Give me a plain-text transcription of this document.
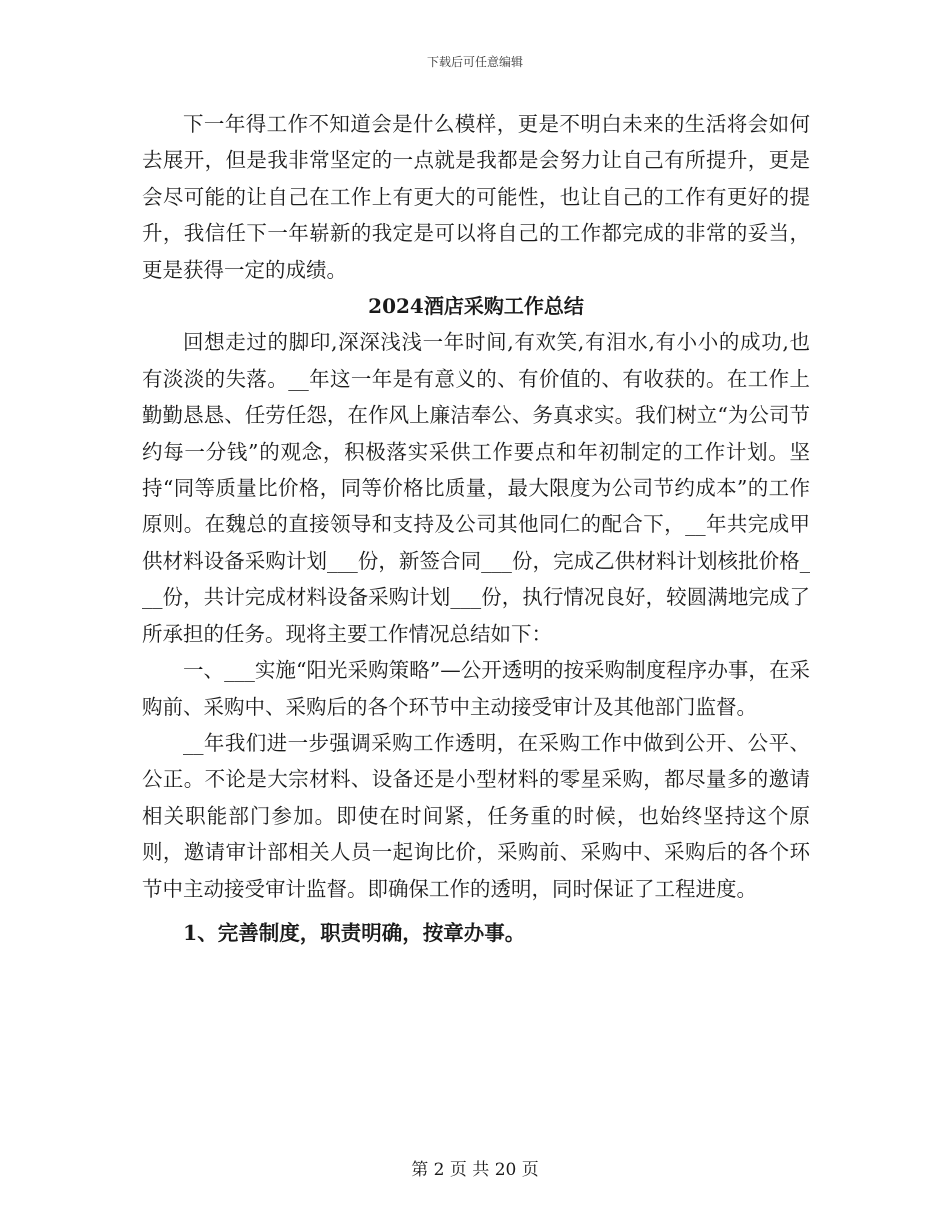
下载后可任意编辑

下一年得工作不知道会是什么模样，更是不明白未来的生活将会如何去展开，但是我非常坚定的一点就是我都是会努力让自己有所提升，更是会尽可能的让自己在工作上有更大的可能性，也让自己的工作有更好的提升，我信任下一年崭新的我定是可以将自己的工作都完成的非常的妥当，更是获得一定的成绩。

2024酒店采购工作总结

回想走过的脚印,深深浅浅一年时间,有欢笑,有泪水,有小小的成功,也有淡淡的失落。__年这一年是有意义的、有价值的、有收获的。在工作上勤勤恳恳、任劳任怨，在作风上廉洁奉公、务真求实。我们树立“为公司节约每一分钱”的观念，积极落实采供工作要点和年初制定的工作计划。坚持“同等质量比价格，同等价格比质量，最大限度为公司节约成本”的工作原则。在魏总的直接领导和支持及公司其他同仁的配合下，__年共完成甲供材料设备采购计划___份，新签合同___份，完成乙供材料计划核批价格___份，共计完成材料设备采购计划___份，执行情况良好，较圆满地完成了所承担的任务。现将主要工作情况总结如下：

一、___实施“阳光采购策略”—公开透明的按采购制度程序办事，在采购前、采购中、采购后的各个环节中主动接受审计及其他部门监督。

__年我们进一步强调采购工作透明，在采购工作中做到公开、公平、公正。不论是大宗材料、设备还是小型材料的零星采购，都尽量多的邀请相关职能部门参加。即使在时间紧，任务重的时候，也始终坚持这个原则，邀请审计部相关人员一起询比价，采购前、采购中、采购后的各个环节中主动接受审计监督。即确保工作的透明，同时保证了工程进度。

1、完善制度，职责明确，按章办事。

第 2 页 共 20 页
